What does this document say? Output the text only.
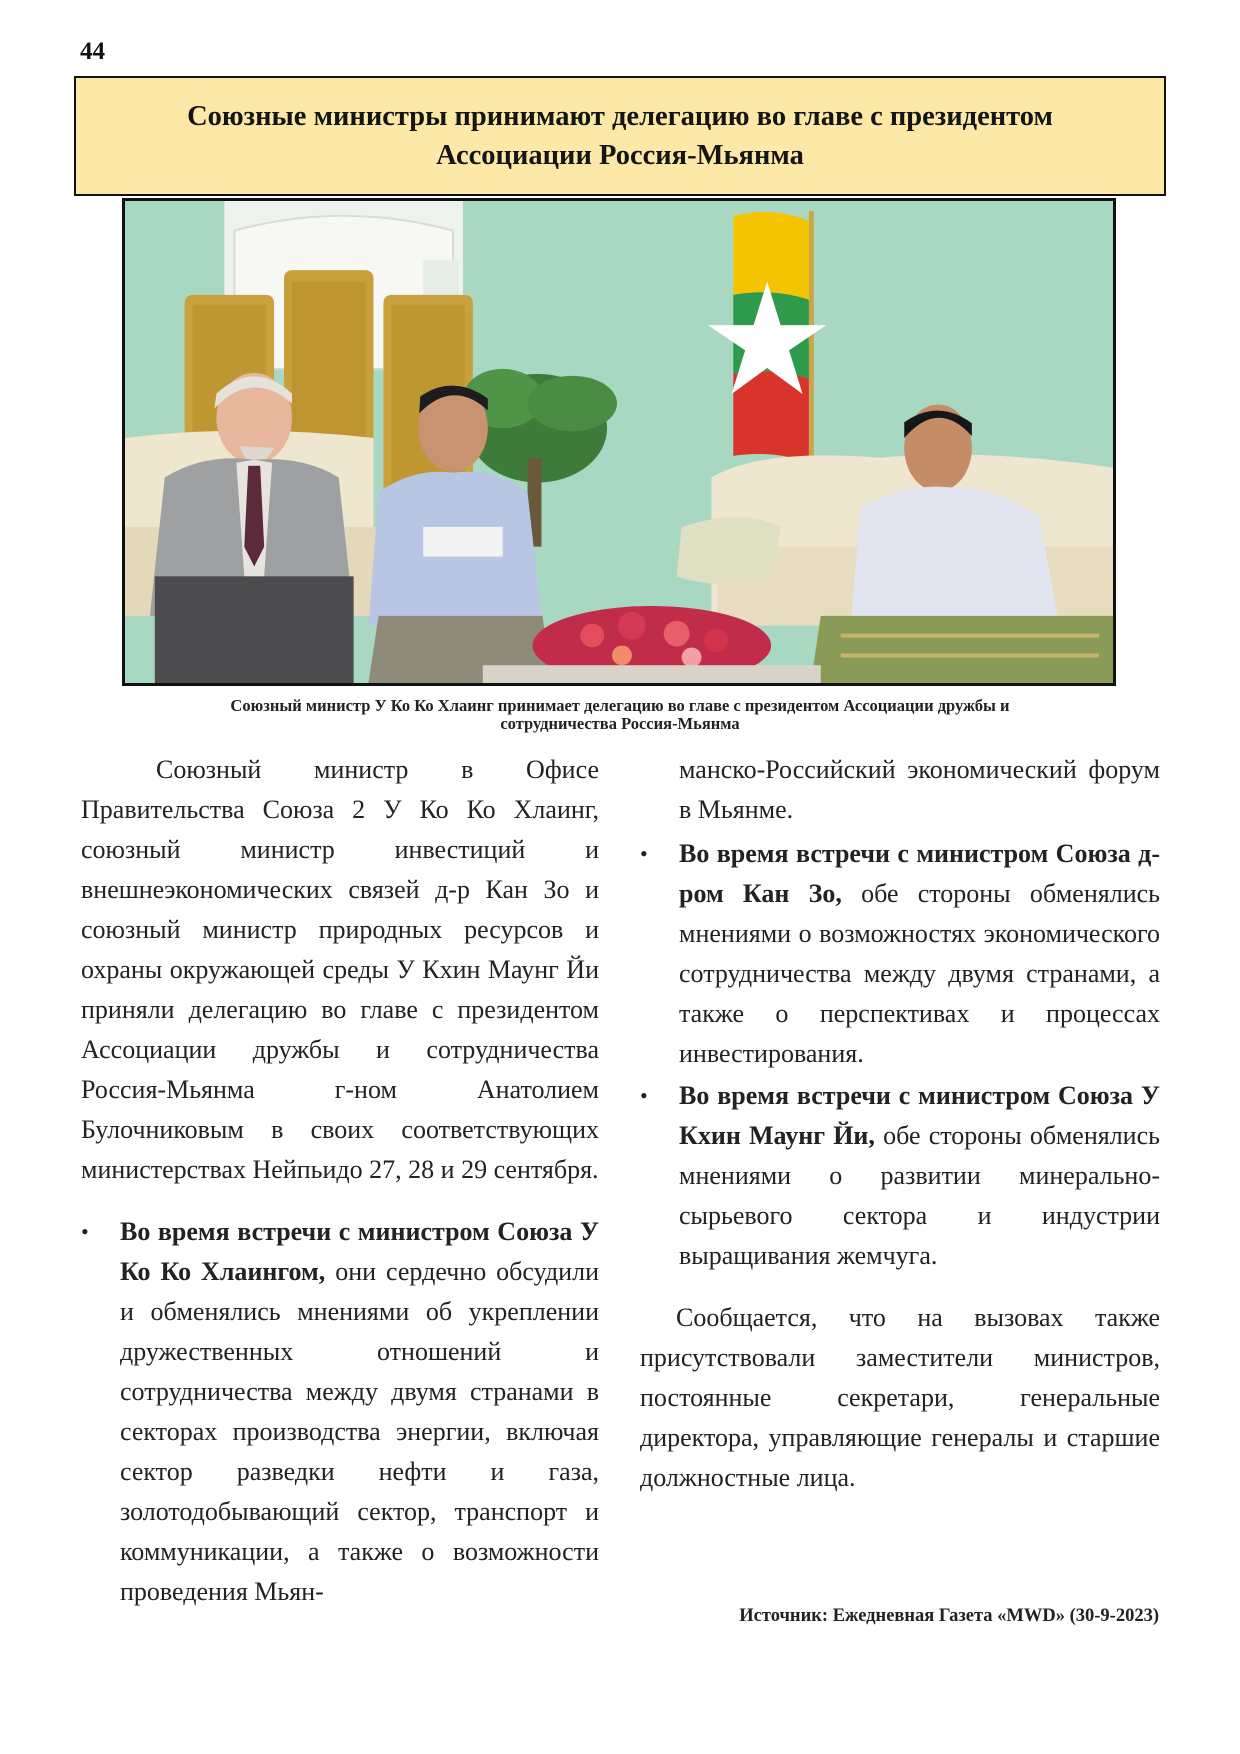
44
Союзные министры принимают делегацию во главе с президентом
Ассоциации Россия-Мьянма
Союзный министр У Ко Ко Хлаинг принимает делегацию во главе с президентом Ассоциации дружбы и
сотрудничества Россия-Мьянма

Союзный министр в Офисе Правительства Союза 2 У Ко Ко Хлаинг, союзный министр инвестиций и внешнеэкономических связей д-р Кан Зо и союзный министр природных ресурсов и охраны окружающей среды У Кхин Маунг Йи приняли делегацию во главе с президентом Ассоциации дружбы и сотрудничества Россия-Мьянма г-ном Анатолием Булочниковым в своих соответствующих министерствах Нейпьидо 27, 28 и 29 сентября.

• Во время встречи с министром Союза У Ко Ко Хлаингом, они сердечно обсудили и обменялись мнениями об укреплении дружественных отношений и сотрудничества между двумя странами в секторах производства энергии, включая сектор разведки нефти и газа, золотодобывающий сектор, транспорт и коммуникации, а также о возможности проведения Мьян-

манско-Российский экономический форум в Мьянме.

• Во время встречи с министром Союза д-ром Кан Зо, обе стороны обменялись мнениями о возможностях экономического сотрудничества между двумя странами, а также о перспективах и процессах инвестирования.

• Во время встречи с министром Союза У Кхин Маунг Йи, обе стороны обменялись мнениями о развитии минерально-сырьевого сектора и индустрии выращивания жемчуга.

Сообщается, что на вызовах также присутствовали заместители министров, постоянные секретари, генеральные директора, управляющие генералы и старшие должностные лица.

Источник: Ежедневная Газета «MWD» (30-9-2023)
